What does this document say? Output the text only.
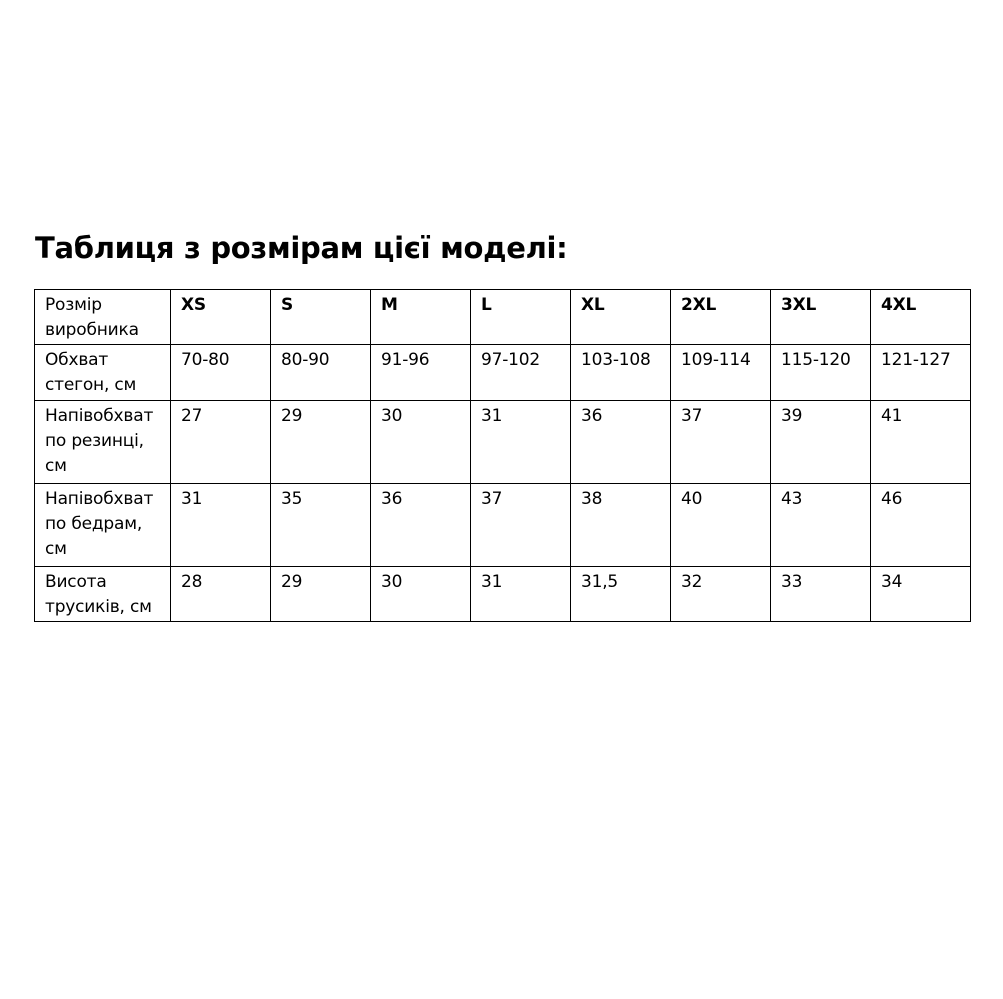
Таблиця з розмірам цієї моделі:
Розмір виробника	XS	S	M	L	XL	2XL	3XL	4XL
Обхват стегон, см	70-80	80-90	91-96	97-102	103-108	109-114	115-120	121-127
Напівобхват по резинці, см	27	29	30	31	36	37	39	41
Напівобхват по бедрам, см	31	35	36	37	38	40	43	46
Висота трусиків, см	28	29	30	31	31,5	32	33	34
